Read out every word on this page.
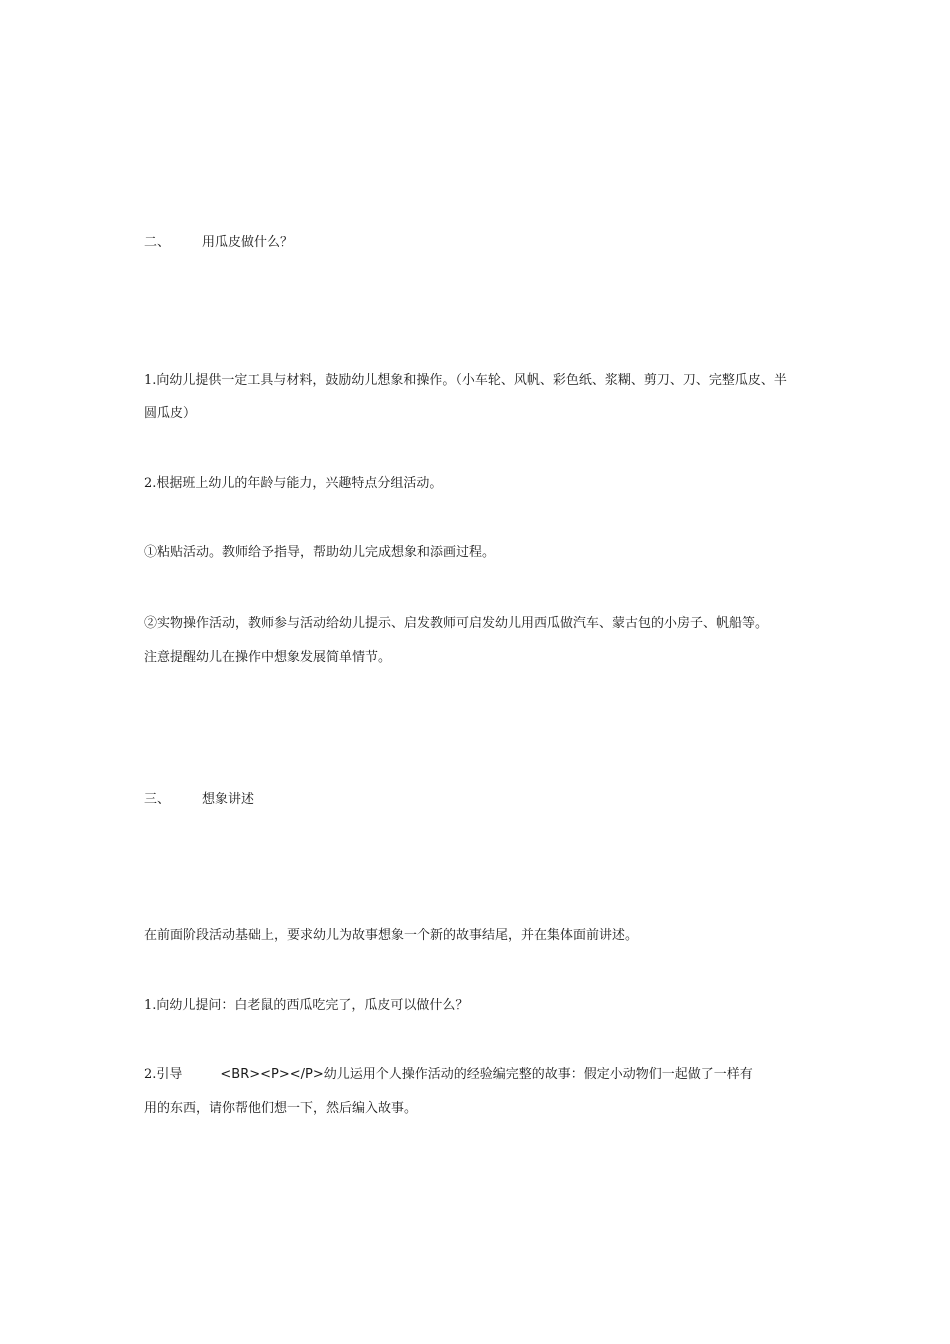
二、 用瓜皮做什么？
1.向幼儿提供一定工具与材料，鼓励幼儿想象和操作。（小车轮、风帆、彩色纸、浆糊、剪刀、刀、完整瓜皮、半
圆瓜皮）
2.根据班上幼儿的年龄与能力，兴趣特点分组活动。
①粘贴活动。教师给予指导，帮助幼儿完成想象和添画过程。
②实物操作活动，教师参与活动给幼儿提示、启发教师可启发幼儿用西瓜做汽车、蒙古包的小房子、帆船等。
注意提醒幼儿在操作中想象发展简单情节。
三、 想象讲述
在前面阶段活动基础上，要求幼儿为故事想象一个新的故事结尾，并在集体面前讲述。
1.向幼儿提问：白老鼠的西瓜吃完了，瓜皮可以做什么？
2.引导	<BR><P></P>幼儿运用个人操作活动的经验编完整的故事：假定小动物们一起做了一样有
用的东西，请你帮他们想一下，然后编入故事。
